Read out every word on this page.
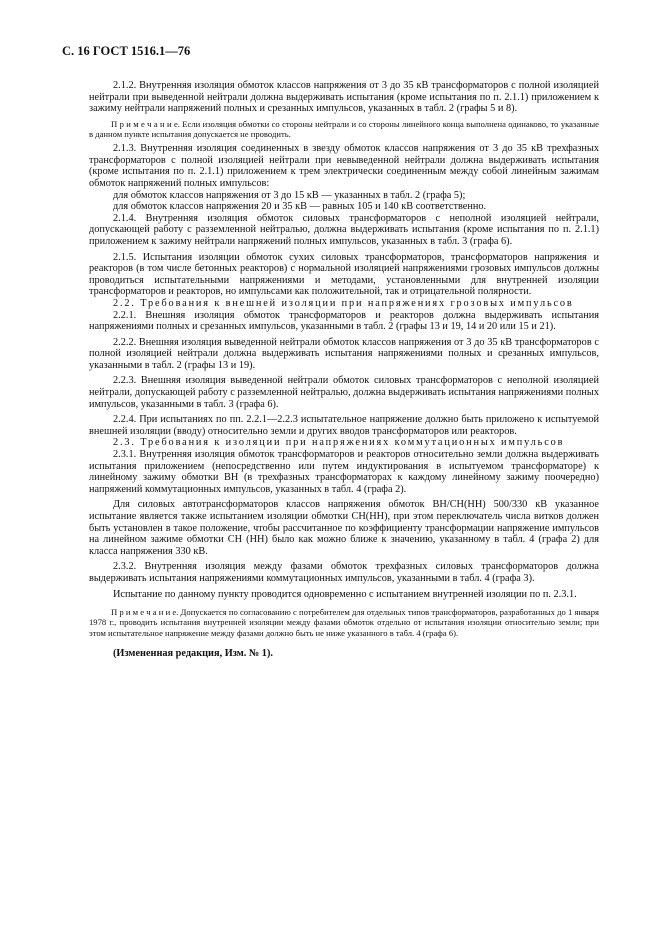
С. 16 ГОСТ 1516.1—76

2.1.2. Внутренняя изоляция обмоток классов напряжения от 3 до 35 кВ трансформаторов с полной изоляцией нейтрали при выведенной нейтрали должна выдерживать испытания (кроме испытания по п. 2.1.1) приложением к зажиму нейтрали напряжений полных и срезанных импульсов, указанных в табл. 2 (графы 5 и 8).

П р и м е ч а н и е. Если изоляция обмотки со стороны нейтрали и со стороны линейного конца выполнена одинаково, то указанные в данном пункте испытания допускается не проводить.

2.1.3. Внутренняя изоляция соединенных в звезду обмоток классов напряжения от 3 до 35 кВ трехфазных трансформаторов с полной изоляцией нейтрали при невыведенной нейтрали должна выдерживать испытания (кроме испытания по п. 2.1.1) приложением к трем электрически соединенным между собой линейным зажимам обмоток напряжений полных импульсов:

для обмоток классов напряжения от 3 до 15 кВ — указанных в табл. 2 (графа 5);

для обмоток классов напряжения 20 и 35 кВ — равных 105 и 140 кВ соответственно.

2.1.4. Внутренняя изоляция обмоток силовых трансформаторов с неполной изоляцией нейтрали, допускающей работу с разземленной нейтралью, должна выдерживать испытания (кроме испытания по п. 2.1.1) приложением к зажиму нейтрали напряжений полных импульсов, указанных в табл. 3 (графа 6).

2.1.5. Испытания изоляции обмоток сухих силовых трансформаторов, трансформаторов напряжения и реакторов (в том числе бетонных реакторов) с нормальной изоляцией напряжениями грозовых импульсов должны проводиться испытательными напряжениями и методами, установленными для внутренней изоляции трансформаторов и реакторов, но импульсами как положительной, так и отрицательной полярности.

2.2. Требования к внешней изоляции при напряжениях грозовых импульсов

2.2.1. Внешняя изоляция обмоток трансформаторов и реакторов должна выдерживать испытания напряжениями полных и срезанных импульсов, указанными в табл. 2 (графы 13 и 19, 14 и 20 или 15 и 21).

2.2.2. Внешняя изоляция выведенной нейтрали обмоток классов напряжения от 3 до 35 кВ трансформаторов с полной изоляцией нейтрали должна выдерживать испытания напряжениями полных и срезанных импульсов, указанными в табл. 2 (графы 13 и 19).

2.2.3. Внешняя изоляция выведенной нейтрали обмоток силовых трансформаторов с неполной изоляцией нейтрали, допускающей работу с разземленной нейтралью, должна выдерживать испытания напряжениями полных импульсов, указанными в табл. 3 (графа 6).

2.2.4. При испытаниях по пп. 2.2.1—2.2.3 испытательное напряжение должно быть приложено к испытуемой внешней изоляции (вводу) относительно земли и других вводов трансформаторов или реакторов.

2.3. Требования к изоляции при напряжениях коммутационных импульсов

2.3.1. Внутренняя изоляция обмоток трансформаторов и реакторов относительно земли должна выдерживать испытания приложением (непосредственно или путем индуктирования в испытуемом трансформаторе) к линейному зажиму обмотки ВН (в трехфазных трансформаторах к каждому линейному зажиму поочередно) напряжений коммутационных импульсов, указанных в табл. 4 (графа 2).

Для силовых автотрансформаторов классов напряжения обмоток ВН/СН(НН) 500/330 кВ указанное испытание является также испытанием изоляции обмотки СН(НН), при этом переключатель числа витков должен быть установлен в такое положение, чтобы рассчитанное по коэффициенту трансформации напряжение импульсов на линейном зажиме обмотки СН (НН) было как можно ближе к значению, указанному в табл. 4 (графа 2) для класса напряжения 330 кВ.

2.3.2. Внутренняя изоляция между фазами обмоток трехфазных силовых трансформаторов должна выдерживать испытания напряжениями коммутационных импульсов, указанными в табл. 4 (графа 3).

Испытание по данному пункту проводится одновременно с испытанием внутренней изоляции по п. 2.3.1.

П р и м е ч а н и е. Допускается по согласованию с потребителем для отдельных типов трансформаторов, разработанных до 1 января 1978 г., проводить испытания внутренней изоляции между фазами обмоток отдельно от испытания изоляции относительно земли; при этом испытательное напряжение между фазами должно быть не ниже указанного в табл. 4 (графа 6).

(Измененная редакция, Изм. № 1).
